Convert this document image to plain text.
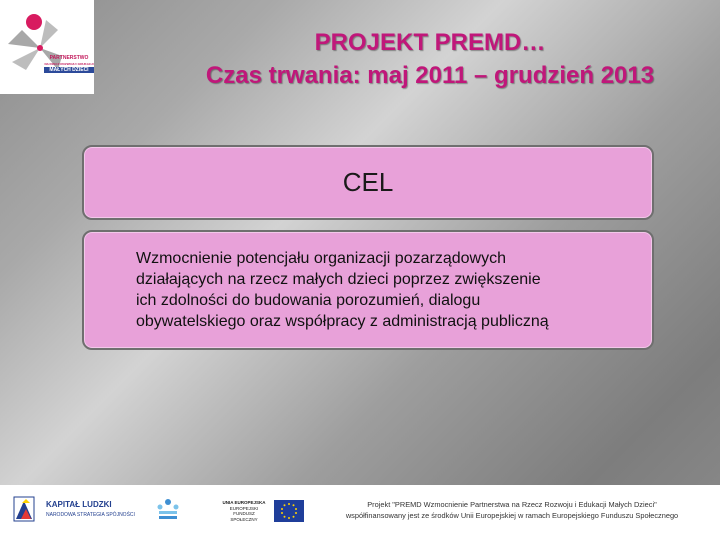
PARTNERSTWO
NA RZECZ ROZWOJU I EDUKACJI
MAŁYCH DZIECI
PROJEKT PREMD…
Czas trwania: maj 2011 – grudzień 2013
CEL
Wzmocnienie potencjału organizacji pozarządowych
działających na rzecz małych dzieci poprzez zwiększenie
ich zdolności do budowania porozumień, dialogu
obywatelskiego oraz współpracy z administracją publiczną
KAPITAŁ LUDZKI
NARODOWA STRATEGIA SPÓJNOŚCI
UNIA EUROPEJSKA
EUROPEJSKI
FUNDUSZ SPOŁECZNY
Projekt "PREMD Wzmocnienie Partnerstwa na Rzecz Rozwoju i Edukacji Małych Dzieci"
współfinansowany jest ze środków Unii Europejskiej w ramach Europejskiego Funduszu Społecznego
